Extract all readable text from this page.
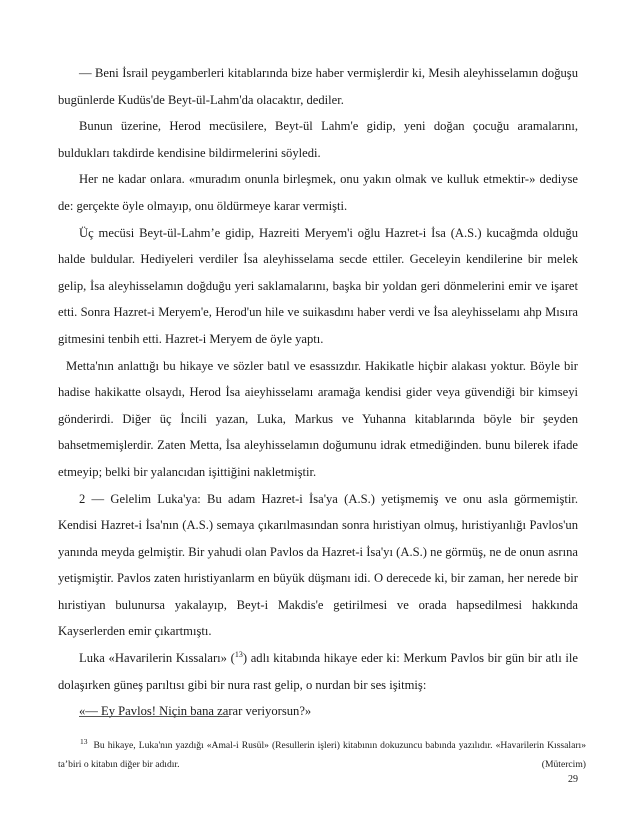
— Beni İsrail peygamberleri kitablarında bize haber vermişlerdir ki, Mesih aleyhisselamın doğuşu bugünlerde Kudüs'de Beyt-ül-Lahm'da olacaktır, dediler.

Bunun üzerine, Herod mecüsilere, Beyt-ül Lahm'e gidip, yeni doğan çocuğu aramalarını, buldukları takdirde kendisine bildirmelerini söyledi.

Her ne kadar onlara. «muradım onunla birleşmek, onu yakın olmak ve kulluk etmektir-» dediyse de: gerçekte öyle olmayıp, onu öldürmeye karar vermişti.

Üç mecüsi Beyt-ül-Lahm’e gidip, Hazreiti Meryem'i oğlu Hazret-i İsa (A.S.) kucağmda olduğu halde buldular. Hediyeleri verdiler İsa aleyhisselama secde ettiler. Geceleyin kendilerine bir melek gelip, İsa aleyhisselamın doğduğu yeri saklamalarını, başka bir yoldan geri dönmelerini emir ve işaret etti. Sonra Hazret-i Meryem'e, Herod'un hile ve suikasdını haber verdi ve İsa aleyhisselamı ahp Mısıra gitmesini tenbih etti. Hazret-i Meryem de öyle yaptı.

Metta'nın anlattığı bu hikaye ve sözler batıl ve esassızdır. Hakikatle hiçbir alakası yoktur. Böyle bir hadise hakikatte olsaydı, Herod İsa aieyhisselamı aramağa kendisi gider veya güvendiği bir kimseyi gönderirdi. Diğer üç İncili yazan, Luka, Markus ve Yuhanna kitablarında böyle bir şeyden bahsetmemişlerdir. Zaten Metta, İsa aleyhisselamın doğumunu idrak etmediğinden. bunu bilerek ifade etmeyip; belki bir yalancıdan işittiğini nakletmiştir.

2 — Gelelim Luka'ya: Bu adam Hazret-i İsa'ya (A.S.) yetişmemiş ve onu asla görmemiştir. Kendisi Hazret-i İsa'nın (A.S.) semaya çıkarılmasından sonra hıristiyan olmuş, hıristiyanlığı Pavlos'un yanında meyda gelmiştir. Bir yahudi olan Pavlos da Hazret-i İsa'yı (A.S.) ne görmüş, ne de onun asrına yetişmiştir. Pavlos zaten hıristiyanlarm en büyük düşmanı idi. O derecede ki, bir zaman, her nerede bir hıristiyan bulunursa yakalayıp, Beyt-i Makdis'e getirilmesi ve orada hapsedilmesi hakkında Kayserlerden emir çıkartmıştı.

Luka «Havarilerin Kıssaları» ($^{13}$) adlı kitabında hikaye eder ki: Merkum Pavlos bir gün bir atlı ile dolaşırken güneş parıltısı gibi bir nura rast gelip, o nurdan bir ses işitmiş:

«— Ey Pavlos! Niçin bana zarar veriyorsun?»

13 Bu hikaye, Luka'nın yazdığı «Amal-i Rusül» (Resullerin işleri) kitabının dokuzuncu babında yazılıdır. «Havarilerin Kıssaları» ta’biri o kitabın diğer bir adıdır.	(Mütercim)
29
